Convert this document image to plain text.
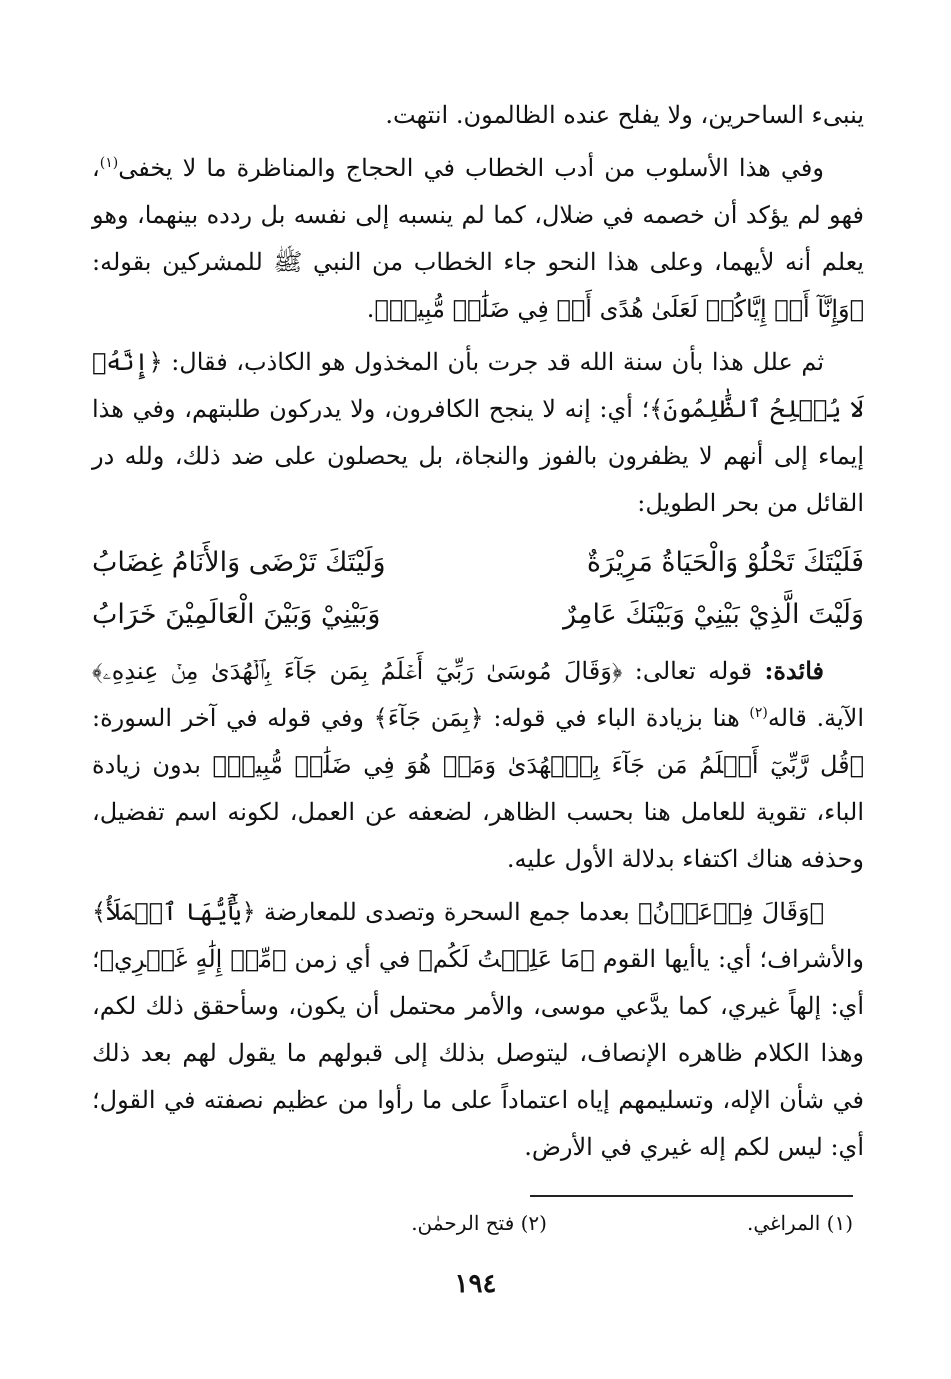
ينبىء الساحرين، ولا يفلح عنده الظالمون. انتهت.

وفي هذا الأسلوب من أدب الخطاب في الحجاج والمناظرة ما لا يخفى$^{(١)}$، فهو لم يؤكد أن خصمه في ضلال، كما لم ينسبه إلى نفسه بل ردده بينهما، وهو يعلم أنه لأيهما، وعلى هذا النحو جاء الخطاب من النبي ﷺ للمشركين بقوله: ﴿وَإِنَّآ أَوۡ إِيَّاكُمۡ لَعَلَىٰ هُدًى أَوۡ فِي ضَلَٰلٖ مُّبِينٖ﴾.

ثم علل هذا بأن سنة الله قد جرت بأن المخذول هو الكاذب، فقال: ﴿إِنَّهُۥ لَا يُفۡلِحُ ٱلظَّٰلِمُونَ﴾؛ أي: إنه لا ينجح الكافرون، ولا يدركون طلبتهم، وفي هذا إيماء إلى أنهم لا يظفرون بالفوز والنجاة، بل يحصلون على ضد ذلك، ولله در القائل من بحر الطويل:

فَلَيْتَكَ تَحْلُوْ وَالْحَيَاةُ مَرِيْرَةٌ
وَلَيْتَكَ تَرْضَى وَالأَنَامُ غِضَابُ
وَلَيْتَ الَّذِيْ بَيْنِيْ وَبَيْنَكَ عَامِرٌ
وَبَيْنِيْ وَبَيْنَ الْعَالَمِيْنَ خَرَابُ

فائدة: قوله تعالى: ﴿وَقَالَ مُوسَىٰ رَبِّيٓ أَعۡلَمُ بِمَن جَآءَ بِٱلۡهُدَىٰ مِنۡ عِندِهِۦ﴾ الآية. قاله$^{(٢)}$ هنا بزيادة الباء في قوله: ﴿بِمَن جَآءَ﴾ وفي قوله في آخر السورة: ﴿قُل رَّبِّيٓ أَعۡلَمُ مَن جَآءَ بِٱلۡهُدَىٰ وَمَنۡ هُوَ فِي ضَلَٰلٖ مُّبِينٖ﴾ بدون زيادة الباء، تقوية للعامل هنا بحسب الظاهر، لضعفه عن العمل، لكونه اسم تفضيل، وحذفه هناك اكتفاء بدلالة الأول عليه.

﴿وَقَالَ فِرۡعَوۡنُ﴾ بعدما جمع السحرة وتصدى للمعارضة ﴿يَٰٓأَيُّهَا ٱلۡمَلَأُ﴾ والأشراف؛ أي: ياأيها القوم ﴿مَا عَلِمۡتُ لَكُم﴾ في أي زمن ﴿مِّنۡ إِلَٰهٍ غَيۡرِي﴾؛ أي: إلهاً غيري، كما يدَّعي موسى، والأمر محتمل أن يكون، وسأحقق ذلك لكم، وهذا الكلام ظاهره الإنصاف، ليتوصل بذلك إلى قبولهم ما يقول لهم بعد ذلك في شأن الإله، وتسليمهم إياه اعتماداً على ما رأوا من عظيم نصفته في القول؛ أي: ليس لكم إله غيري في الأرض.

(١) المراغي.
(٢) فتح الرحمٰن.
١٩٤
